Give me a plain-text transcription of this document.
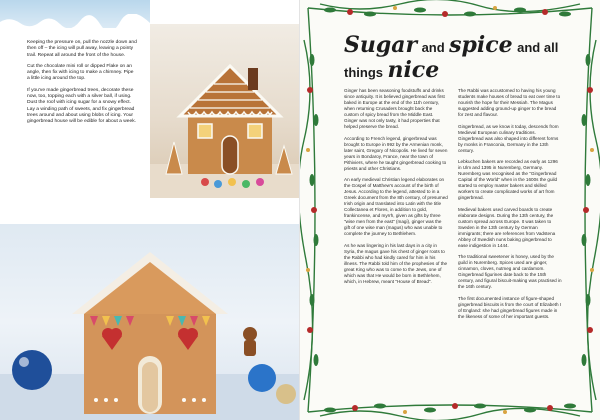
Keeping the pressure on, pull the nozzle down and then off – the icing will pull away, leaving a pointy trail. Repeat all around the front of the house.

Cut the chocolate mini roll or dipped Flake on an angle, then fix with icing to make a chimney. Pipe a little icing around the top.

If you've made gingerbread trees, decorate these now, too, topping each with a silver ball, if using. Dust the roof with icing sugar for a snowy effect. Lay a winding path of sweets, and fix gingerbread trees around and about using blobs of icing. Your gingerbread house will be edible for about a week.

Sugar and spice and all
things nice

Ginger has been seasoning foodstuffs and drinks since antiquity. It is believed gingerbread was first baked in Europe at the end of the 11th century, when returning Crusaders brought back the custom of spicy bread from the Middle East. Ginger was not only tasty, it had properties that helped preserve the bread.

According to French legend, gingerbread was brought to Europe in 992 by the Armenian monk, later saint, Gregory of Nicopolis. He lived for seven years in Bondaroy, France, near the town of Pithiviers, where he taught gingerbread cooking to priests and other Christians.

An early medieval Christian legend elaborates on the Gospel of Matthew's account of the birth of Jesus. According to the legend, attested to in a Greek document from the 8th century, of presumed Irish origin and translated into Latin with the title Collectanea et Flores, in addition to gold, frankincense, and myrrh, given as gifts by three "wise men from the east" (magi), ginger was the gift of one wise man (magus) who was unable to complete the journey to Bethlehem.

As he was lingering in his last days in a city in Syria, the magus gave his chest of ginger roots to the Rabbi who had kindly cared for him in his illness. The Rabbi told him of the prophesies of the great King who was to come to the Jews, one of which was that He would be born in Bethlehem, which, in Hebrew, meant "House of Bread".

The Rabbi was accustomed to having his young students make houses of bread to eat over time to nourish the hope for their Messiah. The Magus suggested adding ground-up ginger to the bread for zest and flavour.

Gingerbread, as we know it today, descends from Medieval European culinary traditions. Gingerbread was also shaped into different forms by monks in Franconia, Germany in the 13th century.

Lebkuchen bakers are recorded as early as 1296 in Ulm and 1395 in Nuremberg, Germany. Nuremberg was recognised as the "Gingerbread Capital of the World" when in the 1600s the guild started to employ master bakers and skilled workers to create complicated works of art from gingerbread.

Medieval bakers used carved boards to create elaborate designs. During the 13th century, the custom spread across Europe. It was taken to Sweden in the 13th century by German immigrants; there are references from Vadstena Abbey of Swedish nuns baking gingerbread to ease indigestion in 1444.

The traditional sweetener is honey, used by the guild in Nuremberg. Spices used are ginger, cinnamon, cloves, nutmeg and cardamom. Gingerbread figurines date back to the 15th century, and figural biscuit-making was practised in the 16th century.

The first documented instance of figure-shaped gingerbread biscuits is from the court of Elizabeth I of England: she had gingerbread figures made in the likeness of some of her important guests.
